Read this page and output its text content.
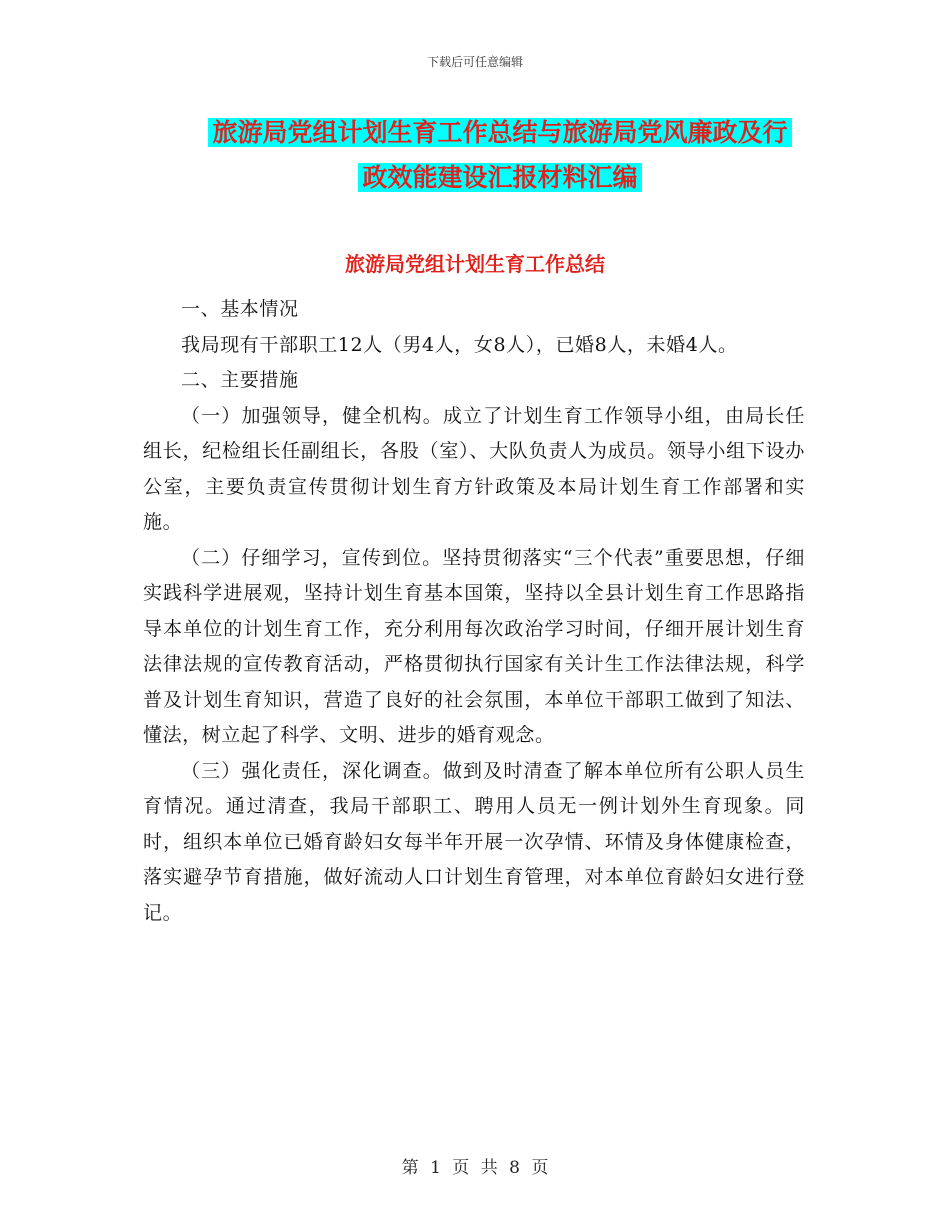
下载后可任意编辑
旅游局党组计划生育工作总结与旅游局党风廉政及行
政效能建设汇报材料汇编
旅游局党组计划生育工作总结

一、基本情况

我局现有干部职工12人（男4人，女8人），已婚8人，未婚4人。

二、主要措施

（一）加强领导，健全机构。成立了计划生育工作领导小组，由局长任组长，纪检组长任副组长，各股（室）、大队负责人为成员。领导小组下设办公室，主要负责宣传贯彻计划生育方针政策及本局计划生育工作部署和实施。

（二）仔细学习，宣传到位。坚持贯彻落实“三个代表”重要思想，仔细实践科学进展观，坚持计划生育基本国策，坚持以全县计划生育工作思路指导本单位的计划生育工作，充分利用每次政治学习时间，仔细开展计划生育法律法规的宣传教育活动，严格贯彻执行国家有关计生工作法律法规，科学普及计划生育知识，营造了良好的社会氛围，本单位干部职工做到了知法、懂法，树立起了科学、文明、进步的婚育观念。

（三）强化责任，深化调查。做到及时清查了解本单位所有公职人员生育情况。通过清查，我局干部职工、聘用人员无一例计划外生育现象。同时，组织本单位已婚育龄妇女每半年开展一次孕情、环情及身体健康检查，落实避孕节育措施，做好流动人口计划生育管理，对本单位育龄妇女进行登记。

第 1 页 共 8 页
